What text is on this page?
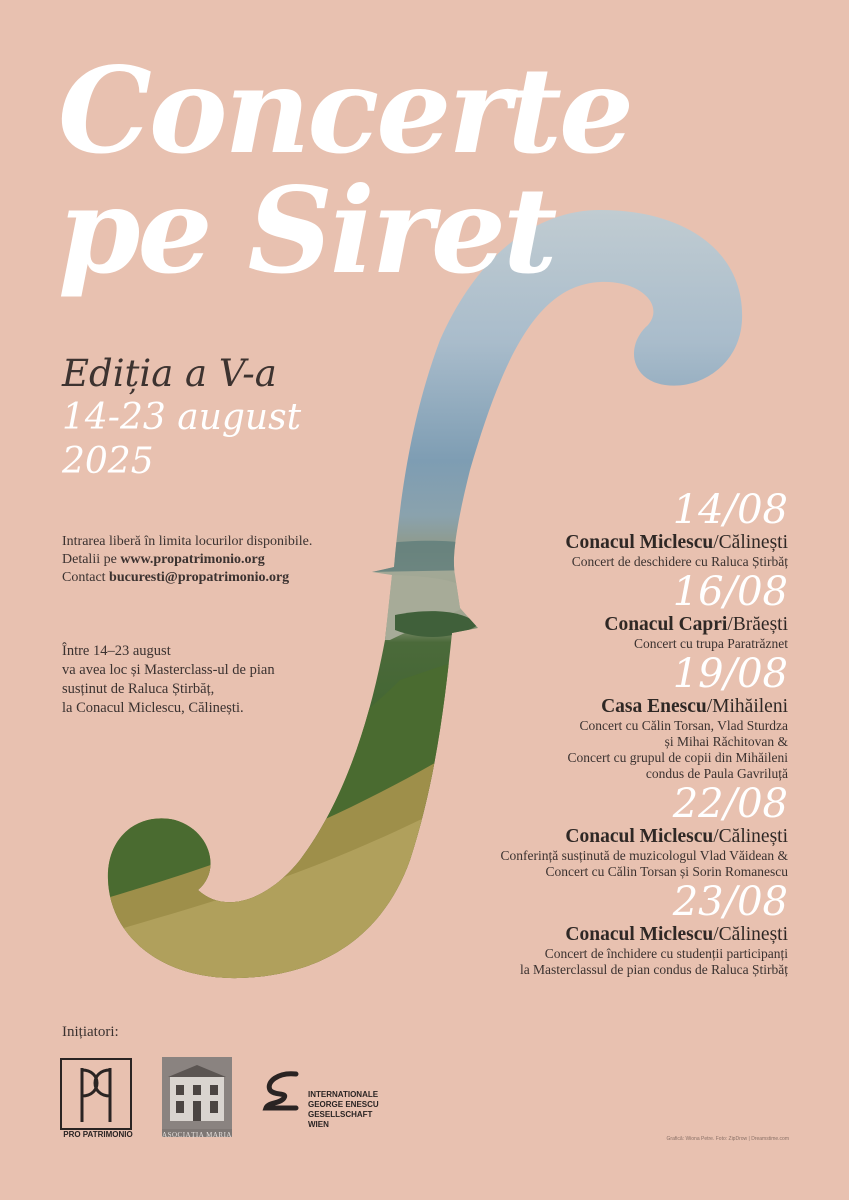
Concerte
pe Siret
Ediția a V-a
14-23 august
2025
Intrarea liberă în limita locurilor disponibile.
Detalii pe www.propatrimonio.org
Contact bucuresti@propatrimonio.org
Între 14–23 august
va avea loc și Masterclass-ul de pian
susținut de Raluca Știrbăț,
la Conacul Miclescu, Călinești.
14/08
Conacul Miclescu/Călinești
Concert de deschidere cu Raluca Știrbăț
16/08
Conacul Capri/Brăești
Concert cu trupa Paratrăznet
19/08
Casa Enescu/Mihăileni
Concert cu Călin Torsan, Vlad Sturdza
și Mihai Răchitovan &
Concert cu grupul de copii din Mihăileni
condus de Paula Gavriluță
22/08
Conacul Miclescu/Călinești
Conferință susținută de muzicologul Vlad Văidean &
Concert cu Călin Torsan și Sorin Romanescu
23/08
Conacul Miclescu/Călinești
Concert de închidere cu studenții participanți
la Masterclassul de pian condus de Raluca Știrbăț
Inițiatori:
PRO PATRIMONIO	ASOCIAȚIA MARIA
INTERNATIONALE
GEORGE ENESCU
GESELLSCHAFT
WIEN
Grafică: Wiona Petre. Foto: ZipDrow | Dreamstime.com
